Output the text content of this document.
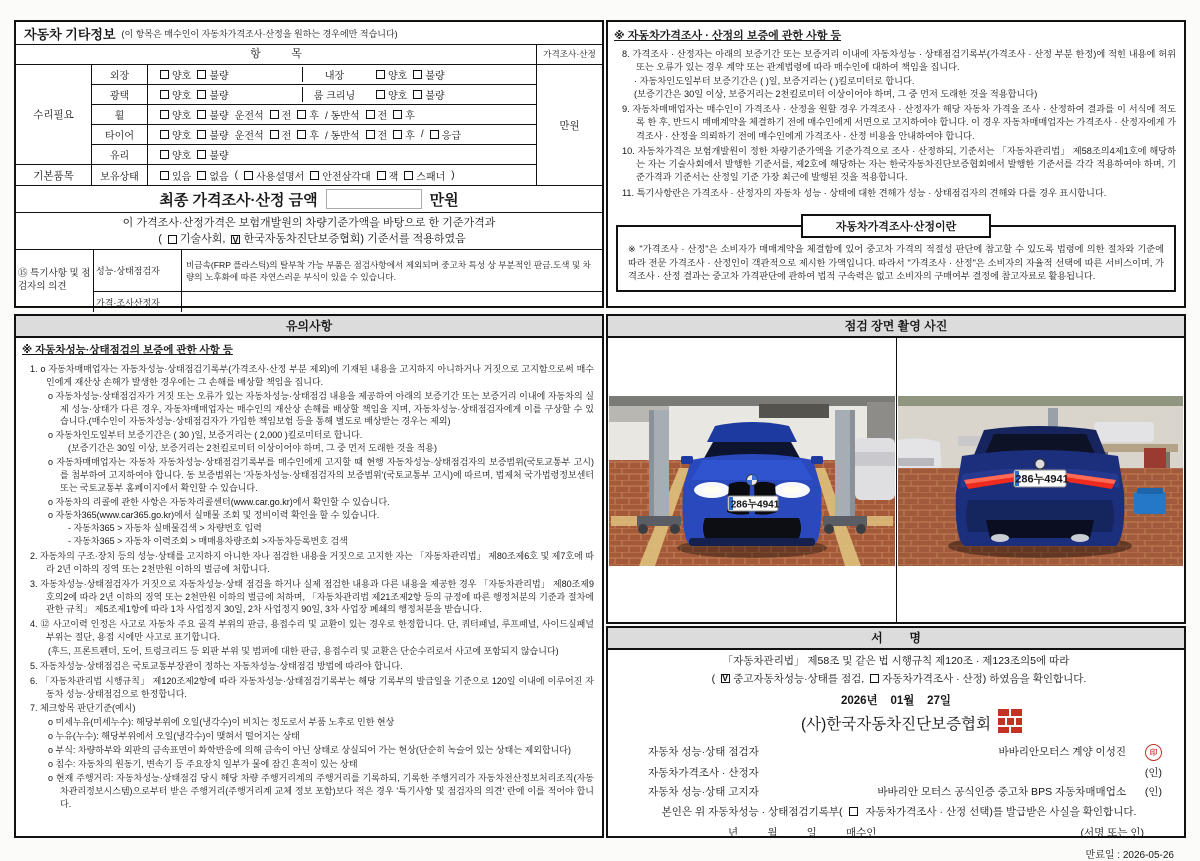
자동차 기타정보 (이 항목은 매수인이 자동차가격조사·산정을 원하는 경우에만 적습니다)
항          목
수리필요
외장	양호 불량	내장	양호 불량
광택	양호 불량	룸 크리닝	양호 불량
휠	양호 불량 운전석 전 후 / 동반석 전 후
타이어	양호 불량 운전석 전 후 / 동반석 전 후 / 응급
유리	양호 불량
기본품목	보유상태	있음 없음 ( 사용설명서 안전삼각대 잭 스패너 )
가격조사·산정
만원
최종 가격조사·산정 금액	만원
이 가격조사·산정가격은 보험개발원의 차량기준가액을 바탕으로 한 기준가격과
( 기술사회, V 한국자동차진단보증협회) 기준서를 적용하였음
⑮ 특기사항 및 점검자의 의견
성능·상태점검자
비금속(FRP 플라스틱)의 탈부착 가능 부품은 점검사항에서 제외되며 중고차 특성 상 부분적인 판금.도색 및 차량의 노후화에 따른 자연스러운 부식이 있을 수 있습니다.
가격·조사산정자
유의사항
※ 자동차성능·상태점검의 보증에 관한 사항 등
1. o 자동차매매업자는 자동차성능·상태점검기록부(가격조사·산정 부분 제외)에 기재된 내용을 고지하지 아니하거나 거짓으로 고지함으로써 매수인에게 재산상 손해가 발생한 경우에는 그 손해를 배상할 책임을 집니다.
o 자동차성능·상태점검자가 거짓 또는 오류가 있는 자동차성능·상태점검 내용을 제공하여 아래의 보증기간 또는 보증거리 이내에 자동차의 실제 성능·상태가 다른 경우, 자동차매매업자는 매수인의 재산상 손해를 배상할 책임을 지며, 자동차성능·상태점검자에게 이를 구상할 수 있습니다.(매수인이 자동차성능·상태점검자가 가입한 책임보험 등을 통해 별도로 배상받는 경우는 제외)
o 자동차인도일부터 보증기간은 ( 30 )일, 보증거리는 ( 2,000 )킬로미터로 합니다.
(보증기간은 30일 이상, 보증거리는 2천킬로미터 이상이어야 하며, 그 중 먼저 도래한 것을 적용)
o 자동차매매업자는 자동차 자동차성능·상태점검기록부를 매수인에게 고지할 때 현행 자동차성능·상태점검자의 보증범위(국토교통부 고시)를 첨부하여 고지하여야 합니다. 동 보증범위는 '자동차성능·상태점검자의 보증범위'(국토교통부 고시)에 따르며, 법제처 국가법령정보센터 또는 국토교통부 홈페이지에서 확인할 수 있습니다.
o 자동차의 리콜에 관한 사항은 자동차리콜센터(www.car.go.kr)에서 확인할 수 있습니다.
o 자동차365(www.car365.go.kr)에서 실매물 조회 및 정비이력 확인을 할 수 있습니다.
- 자동차365 > 자동차 실매물검색 > 차량번호 입력
- 자동차365 > 자동차 이력조회 > 매매용차량조회 >자동차등록번호 검색
2. 자동차의 구조·장치 등의 성능·상태를 고지하지 아니한 자나 점검한 내용을 거짓으로 고지한 자는 「자동차관리법」 제80조제6호 및 제7호에 따라 2년 이하의 징역 또는 2천만원 이하의 벌금에 처합니다.
3. 자동차성능·상태점검자가 거짓으로 자동차성능·상태 점검을 하거나 실제 점검한 내용과 다른 내용을 제공한 경우 「자동차관리법」 제80조제9호의2에 따라 2년 이하의 징역 또는 2천만원 이하의 벌금에 처하며, 「자동차관리법 제21조제2항 등의 규정에 따른 행정처분의 기준과 절차에 관한 규칙」 제5조제1항에 따라 1차 사업정지 30일, 2차 사업정지 90일, 3차 사업장 폐쇄의 행정처분을 받습니다.
4. ⑫ 사고이력 인정은 사고로 자동차 주요 골격 부위의 판금, 용접수리 및 교환이 있는 경우로 한정합니다. 단, 쿼터패널, 루프패널, 사이드실패널 부위는 절단, 용접 시에만 사고로 표기합니다.
(후드, 프론트펜더, 도어, 트렁크리드 등 외판 부위 및 범퍼에 대한 판금, 용접수리 및 교환은 단순수리로서 사고에 포함되지 않습니다)
5. 자동차성능·상태점검은 국토교통부장관이 정하는 자동차성능·상태점검 방법에 따라야 합니다.
6. 「자동차관리법 시행규칙」 제120조제2항에 따라 자동차성능·상태점검기록부는 해당 기록부의 발급일을 기준으로 120일 이내에 이루어진 자동차 성능·상태점검으로 한정합니다.
7. 체크항목 판단기준(예시)
o 미세누유(미세누수): 해당부위에 오일(냉각수)이 비치는 정도로서 부품 노후로 인한 현상
o 누유(누수): 해당부위에서 오일(냉각수)이 맺혀서 떨어지는 상태
o 부식: 차량하부와 외판의 금속표면이 화학반응에 의해 금속이 아닌 상태로 상실되어 가는 현상(단순히 녹슬어 있는 상태는 제외합니다)
o 침수: 자동차의 원동기, 변속기 등 주요장치 일부가 물에 잠긴 흔적이 있는 상태
o 현재 주행거리: 자동차성능·상태점검 당시 해당 차량 주행거리계의 주행거리를 기록하되, 기록한 주행거리가 자동차전산정보처리조직(자동차관리정보시스템)으로부터 받은 주행거리(주행거리계 교체 정보 포함)보다 적은 경우 '특기사항 및 점검자의 의견' 란에 이를 적어야 합니다.
※ 자동차가격조사 · 산정의 보증에 관한 사항 등
8. 가격조사 · 산정자는 아래의 보증기간 또는 보증거리 이내에 자동차성능 · 상태점검기록부(가격조사 · 산정 부분 한정)에 적힌 내용에 허위 또는 오류가 있는 경우 계약 또는 관계법령에 따라 매수인에 대하여 책임을 집니다.
· 자동차인도일부터 보증기간은 ( )일, 보증거리는 ( )킬로미터로 합니다.
(보증기간은 30일 이상, 보증거리는 2천킬로미터 이상이어야 하며, 그 중 먼저 도래한 것을 적용합니다)
9. 자동차매매업자는 매수인이 가격조사 · 산정을 원할 경우 가격조사 · 산정자가 해당 자동차 가격을 조사 · 산정하여 결과를 이 서식에 적도록 한 후, 반드시 매매계약을 체결하기 전에 매수인에게 서면으로 고지하여야 합니다. 이 경우 자동차매매업자는 가격조사 · 산정자에게 가격조사 · 산정을 의뢰하기 전에 매수인에게 가격조사 · 산정 비용을 안내하여야 합니다.
10. 자동차가격은 보험개발원이 정한 차량기준가액을 기준가격으로 조사 · 산정하되, 기준서는 「자동차관리법」 제58조의4제1호에 해당하는 자는 기술사회에서 발행한 기준서를, 제2호에 해당하는 자는 한국자동차진단보증협회에서 발행한 기준서를 각각 적용하여야 하며, 기준가격과 기준서는 산정일 기준 가장 최근에 발행된 것을 적용합니다.
11. 특기사항란은 가격조사 · 산정자의 자동차 성능 · 상태에 대한 견해가 성능 · 상태점검자의 견해와 다를 경우 표시합니다.
자동차가격조사·산정이란
※ "가격조사 · 산정"은 소비자가 매매계약을 체결함에 있어 중고차 가격의 적절성 판단에 참고할 수 있도록 법령에 의한 절차와 기준에 따라 전문 가격조사 · 산정인이 객관적으로 제시한 가액입니다. 따라서 "가격조사 · 산정"은 소비자의 자율적 선택에 따른 서비스이며, 가격조사 · 산정 결과는 중고차 가격판단에 관하여 법적 구속력은 없고 소비자의 구매여부 결정에 참고자료로 활용됩니다.
점검 장면 촬영 사진
286누4941
286누4941
서        명
「자동차관리법」 제58조 및 같은 법 시행규칙 제120조 · 제123조의5에 따라
( V 중고자동차성능·상태를 점검, 자동차가격조사 · 산정) 하였음을 확인합니다.
2026년    01월    27일
(사)한국자동차진단보증협회
자동차 성능·상태 점검자	바바리안모터스 계양 이성진	印
자동차가격조사 · 산정자	(인)
자동차 성능·상태 고지자	바바리안 모터스 공식인증 중고차 BPS 자동차매매업소	(인)
본인은 위 자동차성능 · 상태점검기록부( 자동차가격조사 · 산정 선택)를 발급받은 사실을 확인합니다.
년          월          일          매수인	(서명 또는 인)
만료일 : 2026-05-26
